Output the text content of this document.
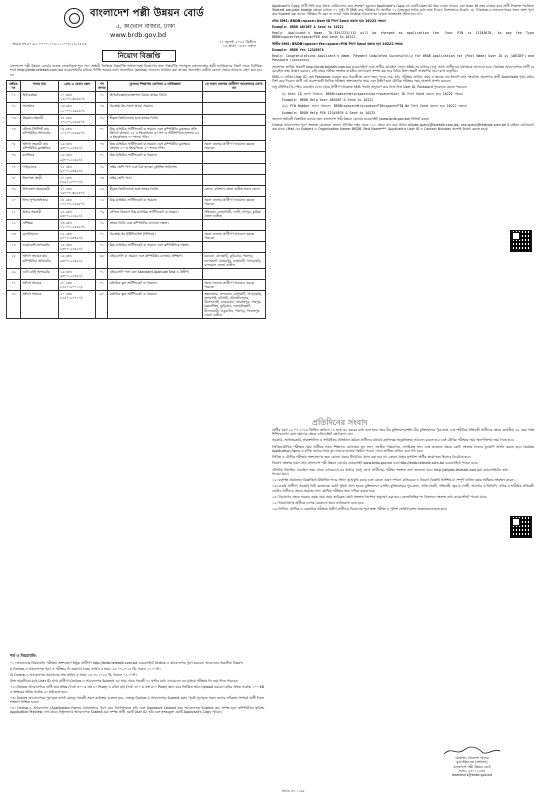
বাংলাদেশ পল্লী উন্নয়ন বোর্ড
৫, কাওরান বাজার, ঢাকা
www.brdb.gov.bd
স্মারক নং-৪৭.৬১.০০০০.১০৫.১১.০০৪.২৪-৭৫৫৩	২১ জুলাই ২০২৪ খ্রিস্টাব্দ
০৬ শ্রাবণ ১৪৩১ বঙ্গাব্দ
নিয়োগ বিজ্ঞপ্তি
বাংলাদেশ পল্লী উন্নয়ন বোর্ডের রাজস্ব বাজেটভুক্ত শূন্য পদে অস্থায়ী ভিত্তিতে নিম্নবর্ণিত শর্তসাপেক্ষে নিয়োগের জন্য নিম্নবর্ণিত পদসমূহে বাংলাদেশের স্থায়ী নাগরিকদের নিকট থেকে নির্ধারিত শর্তে http://brdb.teletalk.com.bd ওয়েবসাইটের মাধ্যমে নির্দিষ্ট সময়ের মধ্যে অনলাইনে (online) আবেদন আহ্বান করা যাচ্ছে। অনলাইন ব্যতীত কোনো প্রকার আবেদন গ্রহণ করা হবে না।
ক্রমিক নং	পদের নাম	গ্রেড ও বেতন স্কেল	পদ সংখ্যা	ন্যূনতম শিক্ষাগত যোগ্যতা ও অভিজ্ঞতা	যে সকল জেলার প্রার্থীগণ আবেদনের যোগ্য নন
০১	হিসাবরক্ষক	১০ গ্রেড ১৬০০০-৩৮৬৪০/-	০১	হিসাববিজ্ঞান/ব্যবস্থাপনা বিষয়ে স্নাতক ডিগ্রি।	
০২	সার্ভেয়ার	১৩ গ্রেড ১১০০০-২৬৫৯০/-	০৪	ডিপ্লোমা-ইন-সার্ভে অথবা সমমান।	
০৩	উচ্চমান সহকারী	১৪ গ্রেড ১০২০০-২৪৬৮০/-	০২	স্বীকৃত বিশ্ববিদ্যালয় হতে স্নাতক ডিগ্রি।	
০৪	স্টেনো-টাইপিস্ট কাম কম্পিউটার অপারেটর	১৪ গ্রেড ১০২০০-২৪৬৮০/-	০১	উচ্চ মাধ্যমিক সার্টিফিকেট বা সমমান এবং কম্পিউটার মুদ্রাক্ষরে প্রতি মিনিটে বাংলায় ২৫ ও ইংরেজিতে ৩০ শব্দ ও সাঁটলিপিতে বাংলায় ৪৫ ও ইংরেজিতে ৭০ শব্দের গতি।	
০৫	অফিস সহকারী কাম কম্পিউটার মুদ্রাক্ষরিক	১৬ গ্রেড ৯৩০০-২২৪৯০/-	০৪	উচ্চ মাধ্যমিক সার্টিফিকেট বা সমমান এবং কম্পিউটার মুদ্রাক্ষরে বাংলায় ২০ ও ইংরেজিতে ২০ শব্দের গতি।	সকল জেলার প্রার্থীগণ আবেদন করতে পারবেন
০৬	ক্যাশিয়ার	১৬ গ্রেড ৯৩০০-২২৪৯০/-	০১	উচ্চ মাধ্যমিক সার্টিফিকেট বা সমমান।	
০৭	গাড়িচালক	১৫ গ্রেড ৯৭০০-২৩৪৯০/-	০২	অষ্টম শ্রেণি পাস এবং বৈধ হালকা ড্রাইভিং লাইসেন্স।	
০৮	নিরাপত্তা প্রহরী	২০ গ্রেড ৮২৫০-২০০১০/-	০৩	অষ্টম শ্রেণি পাস।	
০৯	উপজেলা সমন্বয়কারী	১০ গ্রেড ১৬০০০-৩৮৬৪০/-	২৫	স্বীকৃত বিশ্ববিদ্যালয় হতে স্নাতক ডিগ্রি।	ভোলা, বরিশাল জেলা ব্যতীত সকল জেলা
১০	ফিল্ড সুপারভাইজার	১৪ গ্রেড ১০২০০-২৪৬৮০/-	১২	উচ্চ মাধ্যমিক সার্টিফিকেট বা সমমান।	সকল জেলার প্রার্থীগণ আবেদন করতে পারবেন
১১	হিসাব সহকারী	১৬ গ্রেড ৯৩০০-২২৪৯০/-	০৯	বাণিজ্য বিভাগে উচ্চ মাধ্যমিক সার্টিফিকেট বা সমমান।	গাইবান্ধা, নোয়াখালী, ফেনী, চাঁদপুর, কুমিল্লা জেলা ব্যতীত
১২	প্রশিক্ষক	১৩ গ্রেড ১১০০০-২৬৫৯০/-	০২	স্নাতক ডিগ্রি এবং কম্পিউটার চালনায় দক্ষতা।	
১৩	ড্রাফটসম্যান	১৫ গ্রেড ৯৭০০-২৩৪৯০/-	০১	ডিপ্লোমা-ইন-ইঞ্জিনিয়ারিং (সিভিল)।	সকল জেলার প্রার্থীগণ আবেদন করতে পারবেন
১৪	ফরমায়েশি অপারেটর	১৬ গ্রেড ৯৩০০-২২৪৯০/-	০১	উচ্চ মাধ্যমিক সার্টিফিকেট বা সমমান এবং কম্পিউটারে দক্ষতা।	
১৫	অফিস সহায়ক কাম কম্পিউটার অপারেটর	১৬ গ্রেড ৯৩০০-২২৪৯০/-	৩৫	এইচএসসি বা সমমান এবং কম্পিউটার চালনায় প্রশিক্ষণ।	বরগুনা, ঝালকাঠি, কুড়িগ্রাম, পঞ্চগড়, বাগেরহাট, মেহেরপুর, রাঙ্গামাটি, খাগড়াছড়ি, বান্দরবান জেলা ব্যতীত
১৬	ডাটা এন্ট্রি অপারেটর	১৬ গ্রেড ৯৩০০-২২৪৯০/-	০১	এইচএসসি পাস এবং Standard Aptitude Test এ উত্তীর্ণ।	
১৭	অফিস সহায়ক	২০ গ্রেড ৮২৫০-২০০১০/-	০১	মাধ্যমিক স্কুল সার্টিফিকেট বা সমমান।	সকল জেলার প্রার্থীগণ আবেদন করতে পারবেন
১৮	অফিস সহায়ক	২০ গ্রেড ৮২৫০-২০০১০/-	৬০	মাধ্যমিক স্কুল সার্টিফিকেট বা সমমান।	কক্সবাজার, বান্দরবান, রাঙ্গামাটি, খাগড়াছড়ি, সুনামগঞ্জ, হবিগঞ্জ, মৌলভীবাজার, কিশোরগঞ্জ, নেত্রকোনা, জামালপুর, শেরপুর, ময়মনসিংহ, কুড়িগ্রাম, লালমনিরহাট, নীলফামারী, ঠাকুরগাঁও, পঞ্চগড়, দিনাজপুর জেলা ব্যতীত
শর্ত ও নিয়মাবলি:

০১। আবেদনের নিয়মাবলি: পরীক্ষায় অংশগ্রহণে ইচ্ছুক প্রার্থীগণ http://brdb.teletalk.com.bd ওয়েবসাইটে Online-এ আবেদনপত্র পূরণ করবেন। আবেদনের সময়সীমা নিম্নরূপ:

i) Online-এ আবেদনপত্র পূরণ ও পরীক্ষার ফি জমাদান শুরুর তারিখ ও সময়: ২৫.০৭.২০২৪ খ্রি. সকাল ১০.০০টা।

ii) Online-এ আবেদনপত্র জমাদানের শেষ তারিখ ও সময়: ২৪.০৮.২০২৪ খ্রি. বিকাল ০৫.০০টা।

উক্ত সময়সীমার মধ্যে User ID প্রাপ্ত প্রার্থীগণ Online-এ আবেদনপত্র Submit এর সময় থেকে পরবর্তী ৭২ ঘণ্টার মধ্যে এসএমএস এর মাধ্যমে পরীক্ষার ফি জমা দিতে পারবেন।

০২। Online আবেদনপত্রে প্রার্থী তার স্বাক্ষর (দৈর্ঘ্য ৩০০ x প্রস্থ ৮০ Pixel) ও রঙিন ছবি (দৈর্ঘ্য ৩০০ x প্রস্থ ৩০০ Pixel) স্ক্যান করে নির্ধারিত স্থানে Upload করবেন। ছবির সাইজ সর্বোচ্চ ১০০ KB ও স্বাক্ষরের সাইজ সর্বোচ্চ ৬০ KB হতে হবে।

০৩। Online আবেদনপত্রে পূরণকৃত তথ্যই যেহেতু পরবর্তী সকল কার্যক্রমে ব্যবহৃত হবে, সেহেতু Online-এ আবেদনপত্র Submit করার পূর্বেই পূরণকৃত সকল তথ্যের সঠিকতা সম্পর্কে প্রার্থী নিজে শতভাগ নিশ্চিত হবেন।

০৪। Online-এ আবেদনপত্র (Application Form) যথাযথভাবে পূরণ করে নির্দেশনামতে ছবি এবং Signature Upload করে আবেদনপত্র Submit করা সম্পন্ন হলে কম্পিউটারে ছবিসহ Application Preview দেখা যাবে। নির্ভুলভাবে আবেদনপত্র Submit করা সম্পন্ন প্রার্থী একটি User ID, ছবি এবং স্বাক্ষরযুক্ত একটি Applicant's Copy পাবেন।

Applicant's Copy প্রার্থী প্রিন্ট করে অথবা ডাউনলোড করে সংরক্ষণ করবেন। Applicant's Copy-তে একটি User ID নম্বর দেওয়া থাকবে এবং User ID নম্বর ব্যবহার করে প্রার্থী নিম্নোক্ত পদ্ধতিতে Teletalk pre-paid mobile নম্বরের মাধ্যমে ০২ (দুই) টি SMS করে পরীক্ষার ফি অনধিক ৭২ (বাহাত্তর) ঘণ্টার মধ্যে জমা দিবেন। বিশেষভাবে উল্লেখ্য যে, "Online-এ আবেদনপত্রের সকল অংশ পূরণ করে Submit করা হলেও পরীক্ষার ফি জমা না দেওয়া পর্যন্ত Online আবেদনপত্র কোনো অবস্থাতেই গৃহীত হবে না"।

প্রথম SMS: BRDB<space>User ID লিখে Send করতে হবে 16222 নম্বরে।

Example: BRDB ABCDEF & Send to 16222

Reply: Applicant's Name, Tk-335/223/112 will be charged as application fee. Your PIN is 12345678, to pay fee Type BRDB<space>Yes<space>PIN and Send to 16222.

দ্বিতীয় SMS: BRDB<space>Yes<space>PIN লিখে Send করতে হবে 16222 নম্বরে।

Example: BRDB Yes 12345678

Reply: Congratulations Applicant's Name. Payment Completed Successfully for BRDB Application for (Post Name) User ID is (ABCDEF) and Password (xxxxxxxx).

প্রবেশপত্র প্রাপ্তির বিষয়টি http://brdb.teletalk.com.bd ওয়েবসাইটে এবং প্রার্থীর মোবাইল ফোনে SMS-এর মাধ্যমে (শুধু যোগ্য প্রার্থীদের) যথাসময়ে জানানো হবে। Online আবেদনপত্রে প্রার্থী যে মোবাইল নম্বর উল্লেখ করবেন, সেই নম্বরে পরীক্ষা সংক্রান্ত যাবতীয় যোগাযোগ সম্পন্ন করা হবে বিধায় উক্ত নম্বরটি সার্বক্ষণিক সচল রাখা বাঞ্ছনীয়।

SMS-এ প্রেরিত User ID এবং Password ব্যবহার করে পরবর্তীতে রোল নম্বর, পদের নাম, ছবি, পরীক্ষার তারিখ, সময় ও স্থানের নাম ইত্যাদি তথ্য সংবলিত প্রবেশপত্র প্রার্থী Download পূর্বক রঙিন প্রিন্ট করে নিবেন। প্রার্থী এই প্রবেশপত্রটি লিখিত পরীক্ষায় অংশগ্রহণের সময় এবং উত্তীর্ণ হলে মৌখিক পরীক্ষার সময় অবশ্যই প্রদর্শন করবেন।

শুধু টেলিটক প্রি-পেইড মোবাইল ফোন থেকে প্রার্থীগণ নিম্নোক্ত SMS পদ্ধতি অনুসরণ করে নিজ নিজ User ID, Password পুনরুদ্ধার করতে পারবেন।

i) User ID জানা থাকলে: BRDB<space>Help<space>User<space>User ID লিখে Send করতে হবে 16222 নম্বরে।

Example: BRDB Help User ABCDEF & Send to 16222

ii) PIN Number জানা থাকলে: BRDB<space>Help<space>PIN<space>PIN No লিখে Send করতে হবে 16222 নম্বরে।

Example: BRDB Help PIN 12345678 & Send to 16222

অন্যান্য শর্তাবলী বিস্তারিত জানার জন্য বাংলাদেশ পল্লী উন্নয়ন বোর্ডের ওয়েবসাইট (www.brdb.gov.bd) ভিজিট করুন।

Online আবেদনপত্র পূরণ সংক্রান্ত যেকোনো সমস্যা টেলিটক নম্বর থেকে ১২১ নম্বরে কল করে অথবা alljobs.query@teletalk.com.bd; vas.query@teletalk.com.bd ই-মেইলে যোগাযোগ করা যাবে। (Mail-এর Subject-এ Organization Name: BRDB, Post Name***, Applicant's User ID ও Contact Number অবশ্যই উল্লেখ করতে হবে)।

প্রতিদিনের সংবাদ

প্রার্থীর বয়স ২৫.০৭.২০২৪ খ্রিস্টাব্দ তারিখে ১৮ হতে ৩২ বছরের মধ্যে হতে হবে। তবে বীর মুক্তিযোদ্ধা/শহিদ বীর মুক্তিযোদ্ধার পুত্র-কন্যা এবং শারীরিক প্রতিবন্ধী প্রার্থীদের ক্ষেত্রে বয়সসীমা ৩২ বছর পর্যন্ত শিথিলযোগ্য। বয়স প্রমাণের ক্ষেত্রে এফিডেভিট গ্রহণযোগ্য নয়।

সরকারি, আধাসরকারি, স্বায়ত্তশাসিত ও সংবিধিবদ্ধ প্রতিষ্ঠানে কর্মরত প্রার্থীদের যথাযথ কর্তৃপক্ষের অনুমতিক্রমে আবেদন করতে হবে এবং মৌখিক পরীক্ষার সময় অনাপত্তিপত্র জমা দিতে হবে।

লিখিত/মৌখিক পরীক্ষার সময় প্রার্থীকে সকল শিক্ষাগত যোগ্যতার মূল সনদ, জাতীয় পরিচয়পত্র, নাগরিকত্ব সনদ এবং প্রযোজ্য ক্ষেত্রে কোটা সংক্রান্ত সনদের মূলকপি প্রদর্শন করতে হবে। Online Application Form-এ বর্ণিত তথ্যের সাথে মূল সনদের তথ্যের গরমিল পাওয়া গেলে প্রার্থিতা বাতিল বলে গণ্য হবে।

লিখিত ও মৌখিক পরীক্ষায় অংশগ্রহণের জন্য কোনো প্রকার টিএ/ডিএ প্রদান করা হবে না। কোনো প্রকার সুপারিশ প্রার্থীর অযোগ্যতা হিসেবে বিবেচিত হবে।

নিয়োগ সংক্রান্ত সকল তথ্য বাংলাদেশ পল্লী উন্নয়ন বোর্ডের ওয়েবসাইট www.brdb.gov.bd এবং http://brdb.teletalk.com.bd ওয়েবসাইটে পাওয়া যাবে।

টেলিটক প্রিপেইড মোবাইল নম্বর থেকে এসএমএস-এর মাধ্যমে (শুধু যোগ্য প্রার্থীদের) পরীক্ষা সংক্রান্ত তথ্য জানানো হবে। http://alljobs.teletalk.com.bd ওয়েবসাইটেও তথ্য পাওয়া যাবে।

১২। কর্তৃপক্ষ প্রয়োজনে বিজ্ঞপ্তিতে উল্লিখিত পদের সংখ্যা হ্রাস/বৃদ্ধি করার এবং কোনো কারণ দর্শানো ব্যতিরেকে এ নিয়োগ বিজ্ঞপ্তি আংশিক বা সম্পূর্ণ বাতিল করার অধিকার সংরক্ষণ করেন।

১৩। চাকরি প্রার্থীগণ সরকারি বিধি মোতাবেক কোটা সুবিধা প্রাপ্য হবেন। মুক্তিযোদ্ধা ও শহিদ মুক্তিযোদ্ধার পুত্র-কন্যা, নাতি-নাতনী, প্রতিবন্ধী, ক্ষুদ্র নৃ-গোষ্ঠী, আনসার ও ভিডিপি, এতিম ও শারীরিক প্রতিবন্ধী কোটার প্রার্থীদের ক্ষেত্রে প্রযোজ্য সনদ মৌখিক পরীক্ষার সময় দাখিল করতে হবে।

১৪। নিয়োগের ক্ষেত্রে সরকার কর্তৃক সময় সময় জারিকৃত কোটা সংক্রান্ত নির্দেশনা অনুসরণ করা হবে। জেলাভিত্তিক পদ বিভাজন সংক্রান্ত তথ্য ওয়েবসাইটে পাওয়া যাবে।

১৫। নিয়োগপ্রাপ্ত প্রার্থীকে দেশের যেকোনো স্থানে বদলিযোগ্য হতে হবে।

১৬। লিখিত, মৌখিক ও ব্যবহারিক পরীক্ষায় উত্তীর্ণ প্রার্থীদের নিয়োগের পূর্বে স্বাস্থ্য পরীক্ষা ও পুলিশ ভেরিফিকেশন সন্তোষজনক হতে হবে।

মোহাম্মদ খোরশেদ আলম
যুগ্মপরিচালক (প্রশাসন)
বাংলাদেশ পল্লী উন্নয়ন বোর্ড
ফোন: ৫৫০১২২৩৪
ddadmn1@brdb.gov.bd
জি.ডি. নং- ১৩৬৬
